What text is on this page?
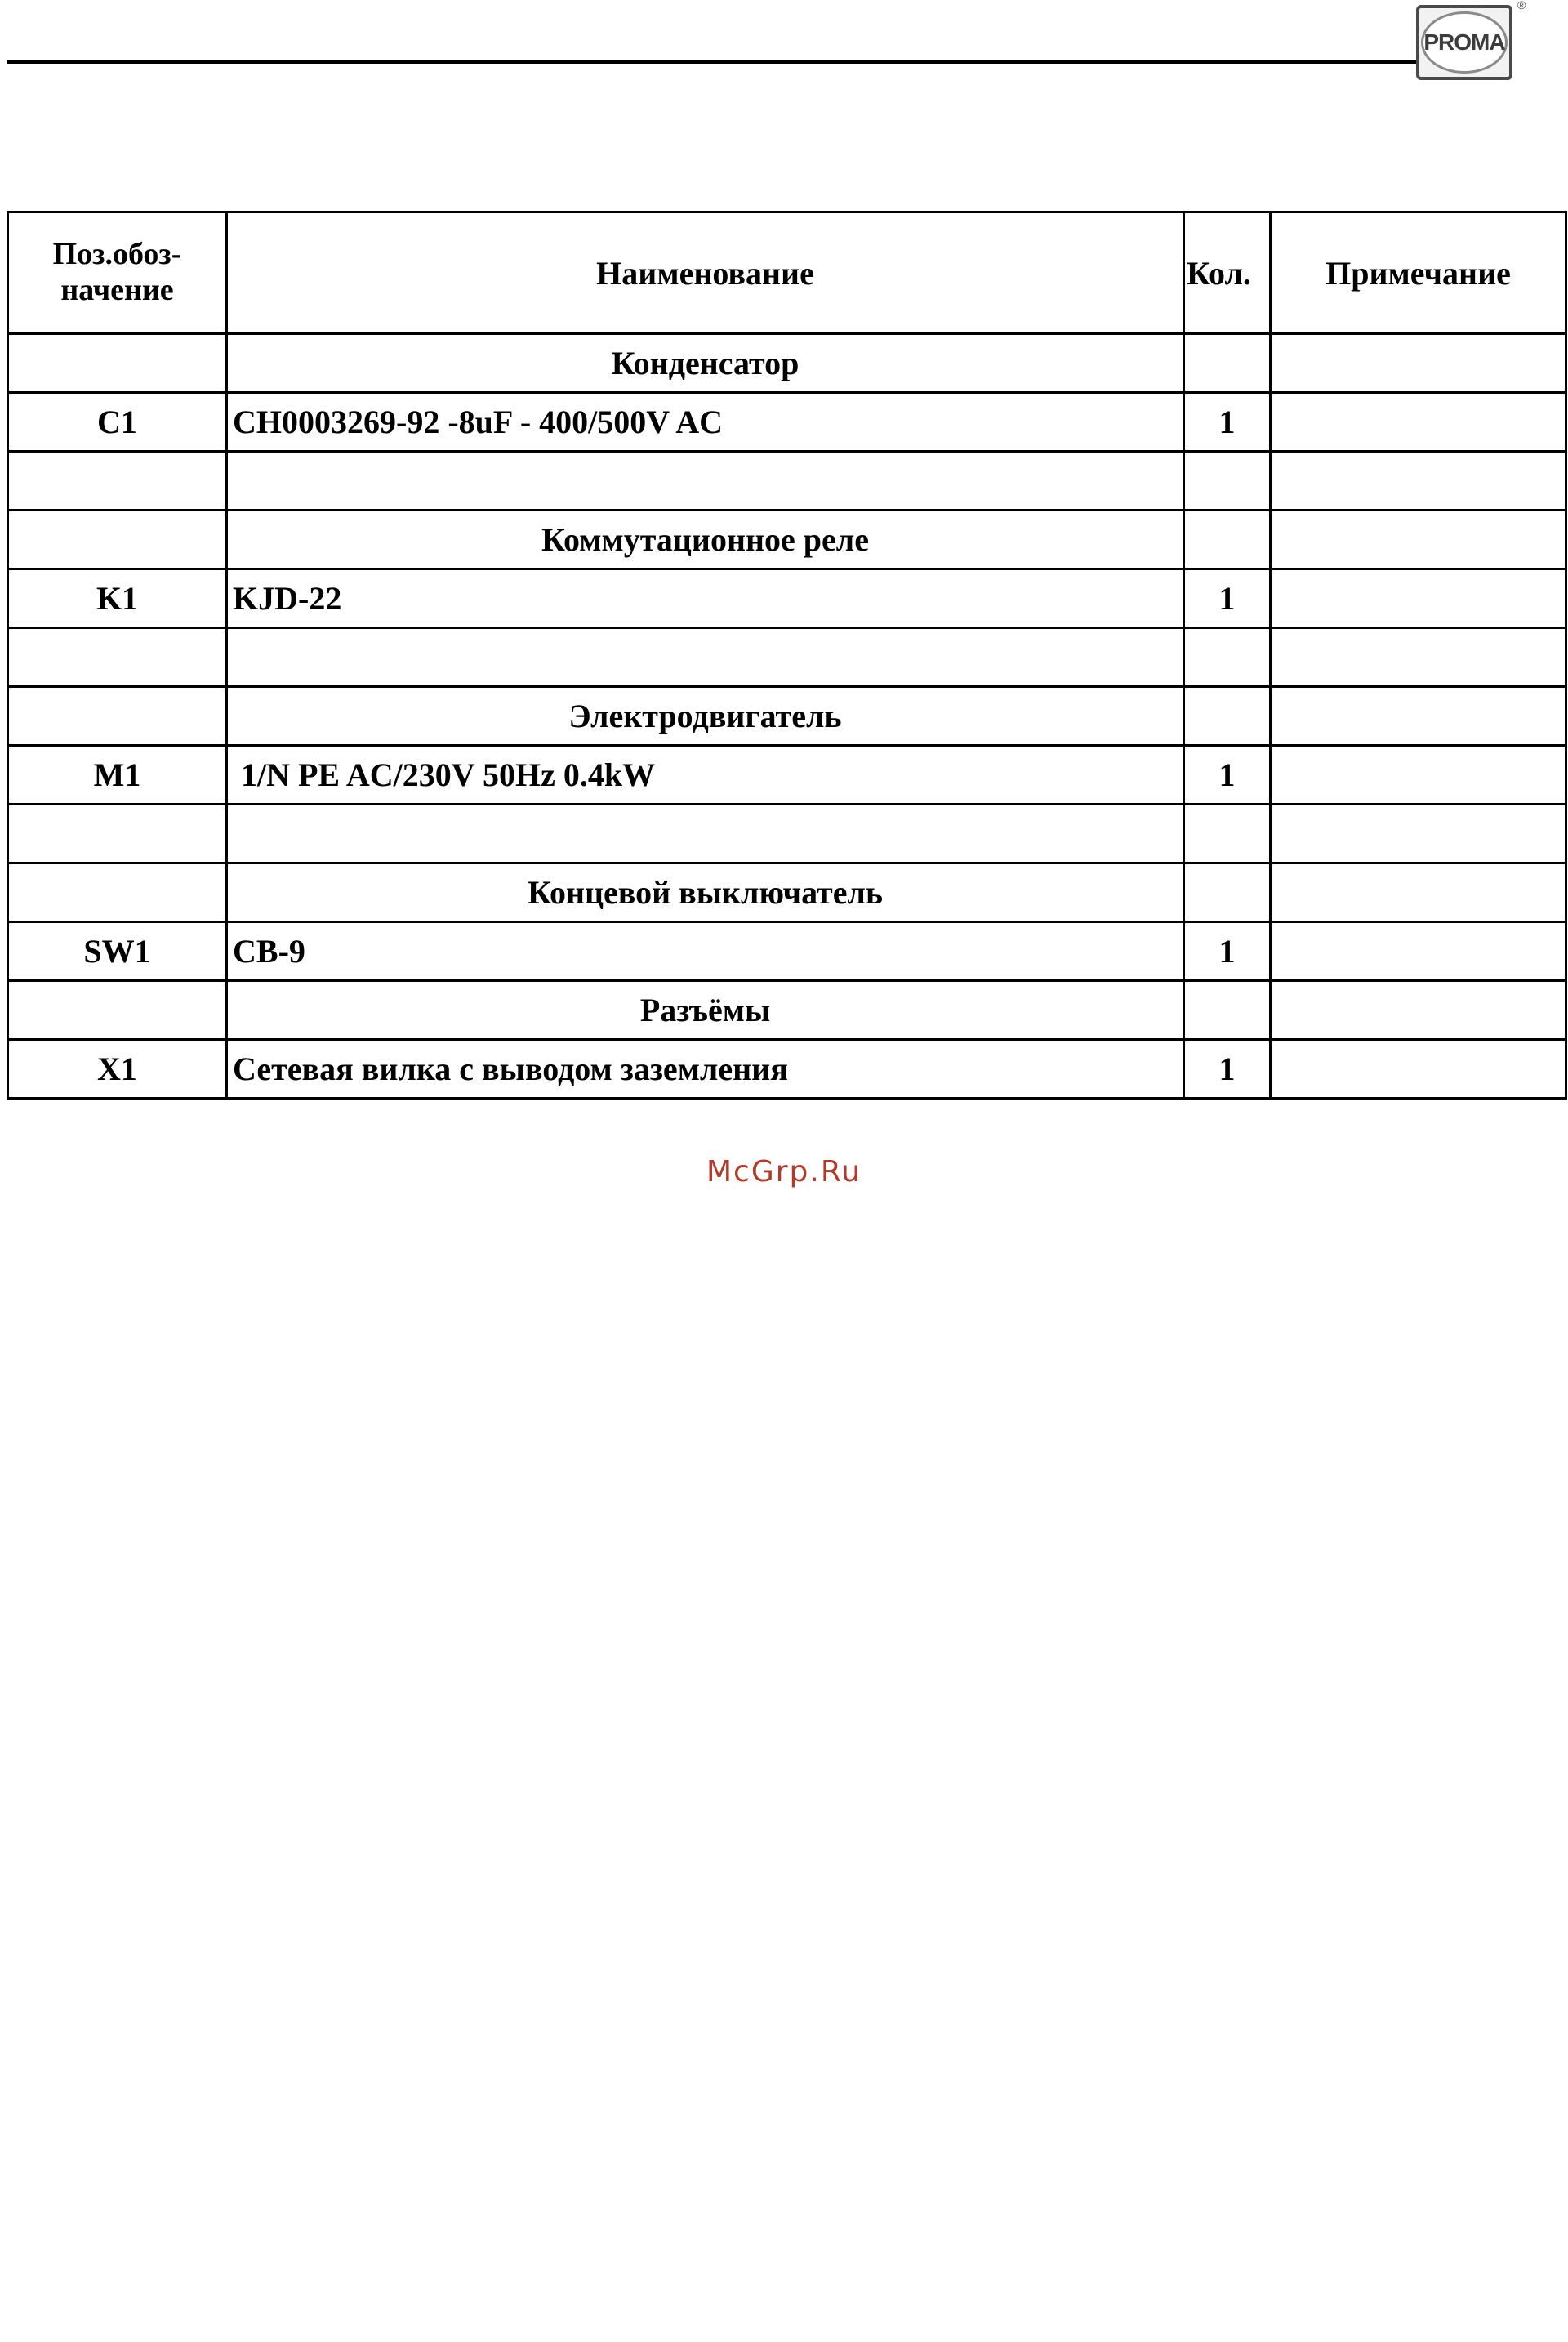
PROMA
®
Поз.обоз-
начение	Наименование	Кол.	Примечание
	Конденсатор		
C1	CH0003269-92 -8uF - 400/500V AC	1	

	Коммутационное реле		
K1	KJD-22	1	

	Электродвигатель		
M1	1/N PE AC/230V 50Hz 0.4kW	1	

	Концевой выключатель		
SW1	CB-9	1	
	Разъёмы		
X1	Сетевая вилка с выводом заземления	1	
McGrp.Ru
